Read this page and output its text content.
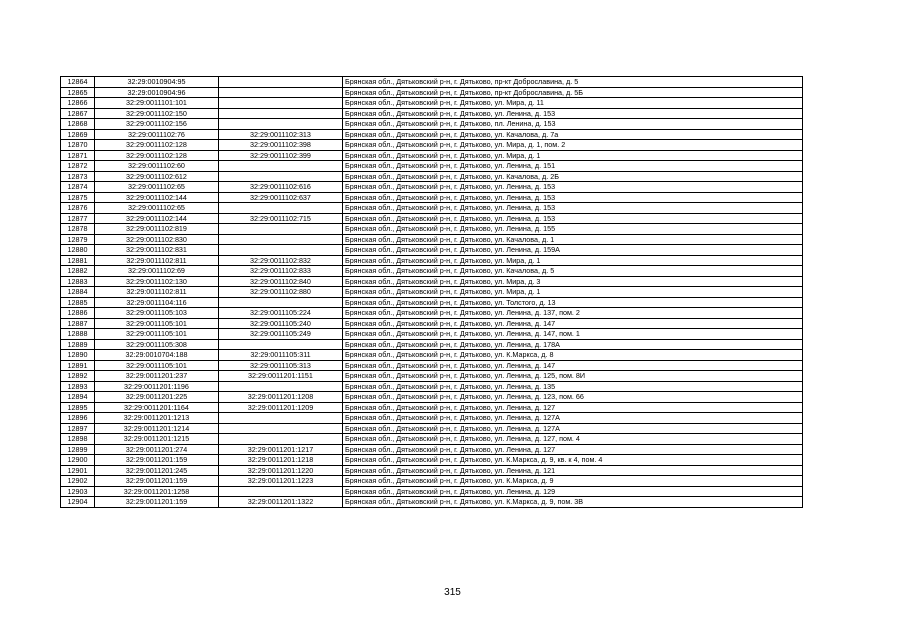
12864	32:29:0010904:95		Брянская обл., Дятьковский р-н, г. Дятьково, пр-кт Доброславина, д. 5
12865	32:29:0010904:96		Брянская обл., Дятьковский р-н, г. Дятьково, пр-кт Доброславина, д. 5Б
12866	32:29:0011101:101		Брянская обл., Дятьковский р-н, г. Дятьково, ул. Мира, д. 11
12867	32:29:0011102:150		Брянская обл., Дятьковский р-н, г. Дятьково, ул. Ленина, д. 153
12868	32:29:0011102:156		Брянская обл., Дятьковский р-н, г. Дятьково, пл. Ленина, д. 153
12869	32:29:0011102:76	32:29:0011102:313	Брянская обл., Дятьковский р-н, г. Дятьково, ул. Качалова, д. 7а
12870	32:29:0011102:128	32:29:0011102:398	Брянская обл., Дятьковский р-н, г. Дятьково, ул. Мира, д. 1, пом. 2
12871	32:29:0011102:128	32:29:0011102:399	Брянская обл., Дятьковский р-н, г. Дятьково, ул. Мира, д. 1
12872	32:29:0011102:60		Брянская обл., Дятьковский р-н, г. Дятьково, ул. Ленина, д. 151
12873	32:29:0011102:612		Брянская обл., Дятьковский р-н, г. Дятьково, ул. Качалова, д. 2Б
12874	32:29:0011102:65	32:29:0011102:616	Брянская обл., Дятьковский р-н, г. Дятьково, ул. Ленина, д. 153
12875	32:29:0011102:144	32:29:0011102:637	Брянская обл., Дятьковский р-н, г. Дятьково, ул. Ленина, д. 153
12876	32:29:0011102:65		Брянская обл., Дятьковский р-н, г. Дятьково, ул. Ленина, д. 153
12877	32:29:0011102:144	32:29:0011102:715	Брянская обл., Дятьковский р-н, г. Дятьково, ул. Ленина, д. 153
12878	32:29:0011102:819		Брянская обл., Дятьковский р-н, г. Дятьково, ул. Ленина, д. 155
12879	32:29:0011102:830		Брянская обл., Дятьковский р-н, г. Дятьково, ул. Качалова, д. 1
12880	32:29:0011102:831		Брянская обл., Дятьковский р-н, г. Дятьково, ул. Ленина, д. 159А
12881	32:29:0011102:811	32:29:0011102:832	Брянская обл., Дятьковский р-н, г. Дятьково, ул. Мира, д. 1
12882	32:29:0011102:69	32:29:0011102:833	Брянская обл., Дятьковский р-н, г. Дятьково, ул. Качалова, д. 5
12883	32:29:0011102:130	32:29:0011102:840	Брянская обл., Дятьковский р-н, г. Дятьково, ул. Мира, д. 3
12884	32:29:0011102:811	32:29:0011102:880	Брянская обл., Дятьковский р-н, г. Дятьково, ул. Мира, д. 1
12885	32:29:0011104:116		Брянская обл., Дятьковский р-н, г. Дятьково, ул. Толстого, д. 13
12886	32:29:0011105:103	32:29:0011105:224	Брянская обл., Дятьковский р-н, г. Дятьково, ул. Ленина, д. 137, пом. 2
12887	32:29:0011105:101	32:29:0011105:240	Брянская обл., Дятьковский р-н, г. Дятьково, ул. Ленина, д. 147
12888	32:29:0011105:101	32:29:0011105:249	Брянская обл., Дятьковский р-н, г. Дятьково, ул. Ленина, д. 147, пом. 1
12889	32:29:0011105:308		Брянская обл., Дятьковский р-н, г. Дятьково, ул. Ленина, д. 178А
12890	32:29:0010704:188	32:29:0011105:311	Брянская обл., Дятьковский р-н, г. Дятьково, ул. К.Маркса, д. 8
12891	32:29:0011105:101	32:29:0011105:313	Брянская обл., Дятьковский р-н, г. Дятьково, ул. Ленина, д. 147
12892	32:29:0011201:237	32:29:0011201:1151	Брянская обл., Дятьковский р-н, г. Дятьково, ул. Ленина, д. 125, пом. 8И
12893	32:29:0011201:1196		Брянская обл., Дятьковский р-н, г. Дятьково, ул. Ленина, д. 135
12894	32:29:0011201:225	32:29:0011201:1208	Брянская обл., Дятьковский р-н, г. Дятьково, ул. Ленина, д. 123, пом. 66
12895	32:29:0011201:1164	32:29:0011201:1209	Брянская обл., Дятьковский р-н, г. Дятьково, ул. Ленина, д. 127
12896	32:29:0011201:1213		Брянская обл., Дятьковский р-н, г. Дятьково, ул. Ленина, д. 127А
12897	32:29:0011201:1214		Брянская обл., Дятьковский р-н, г. Дятьково, ул. Ленина, д. 127А
12898	32:29:0011201:1215		Брянская обл., Дятьковский р-н, г. Дятьково, ул. Ленина, д. 127, пом. 4
12899	32:29:0011201:274	32:29:0011201:1217	Брянская обл., Дятьковский р-н, г. Дятьково, ул. Ленина, д. 127
12900	32:29:0011201:159	32:29:0011201:1218	Брянская обл., Дятьковский р-н, г. Дятьково, ул. К.Маркса, д. 9, кв. к 4, пом. 4
12901	32:29:0011201:245	32:29:0011201:1220	Брянская обл., Дятьковский р-н, г. Дятьково, ул. Ленина, д. 121
12902	32:29:0011201:159	32:29:0011201:1223	Брянская обл., Дятьковский р-н, г. Дятьково, ул. К.Маркса, д. 9
12903	32:29:0011201:1258		Брянская обл., Дятьковский р-н, г. Дятьково, ул. Ленина, д. 129
12904	32:29:0011201:159	32:29:0011201:1322	Брянская обл., Дятьковский р-н, г. Дятьково, ул. К.Маркса, д. 9, пом. 3В
315
